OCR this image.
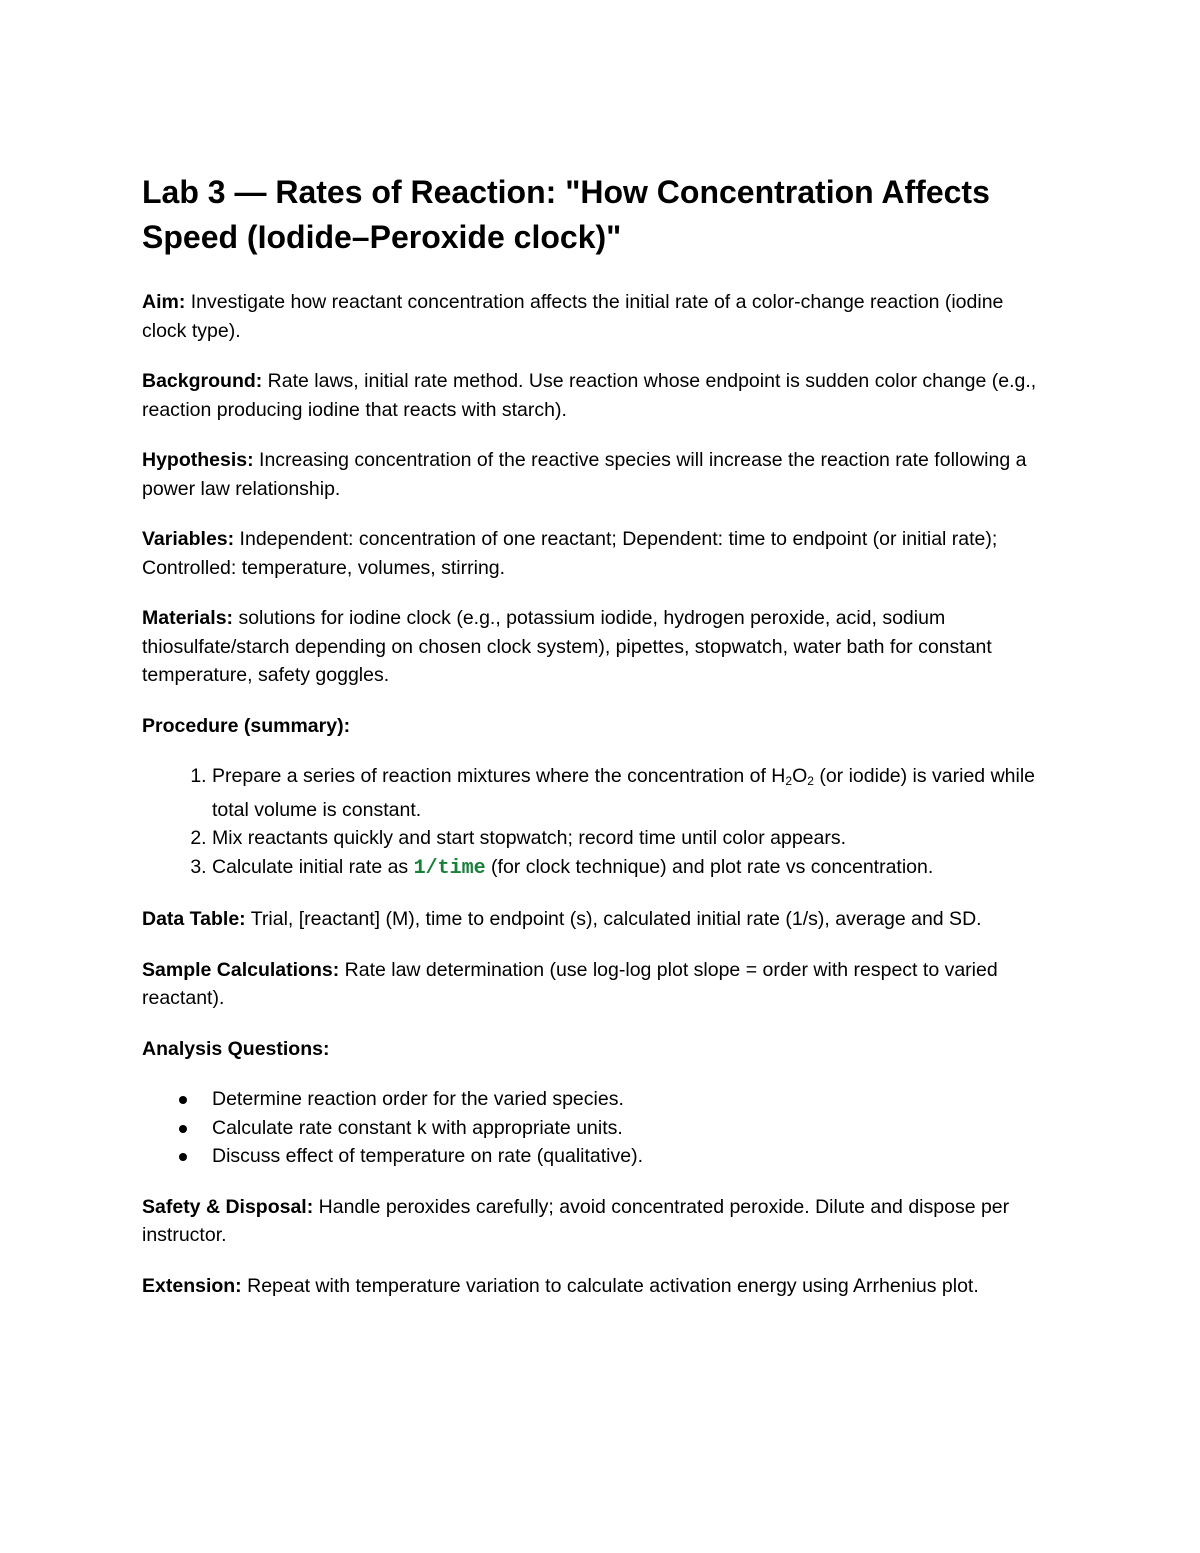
Lab 3 — Rates of Reaction: "How Concentration Affects Speed (Iodide–Peroxide clock)"

Aim: Investigate how reactant concentration affects the initial rate of a color-change reaction (iodine clock type).

Background: Rate laws, initial rate method. Use reaction whose endpoint is sudden color change (e.g., reaction producing iodine that reacts with starch).

Hypothesis: Increasing concentration of the reactive species will increase the reaction rate following a power law relationship.

Variables: Independent: concentration of one reactant; Dependent: time to endpoint (or initial rate); Controlled: temperature, volumes, stirring.

Materials: solutions for iodine clock (e.g., potassium iodide, hydrogen peroxide, acid, sodium thiosulfate/starch depending on chosen clock system), pipettes, stopwatch, water bath for constant temperature, safety goggles.

Procedure (summary):

1. Prepare a series of reaction mixtures where the concentration of $H_2O_2$ (or iodide) is varied while total volume is constant.
2. Mix reactants quickly and start stopwatch; record time until color appears.
3. Calculate initial rate as 1/time (for clock technique) and plot rate vs concentration.

Data Table: Trial, [reactant] (M), time to endpoint (s), calculated initial rate (1/s), average and SD.

Sample Calculations: Rate law determination (use log-log plot slope = order with respect to varied reactant).

Analysis Questions:

Determine reaction order for the varied species.
Calculate rate constant k with appropriate units.
Discuss effect of temperature on rate (qualitative).

Safety & Disposal: Handle peroxides carefully; avoid concentrated peroxide. Dilute and dispose per instructor.

Extension: Repeat with temperature variation to calculate activation energy using Arrhenius plot.
